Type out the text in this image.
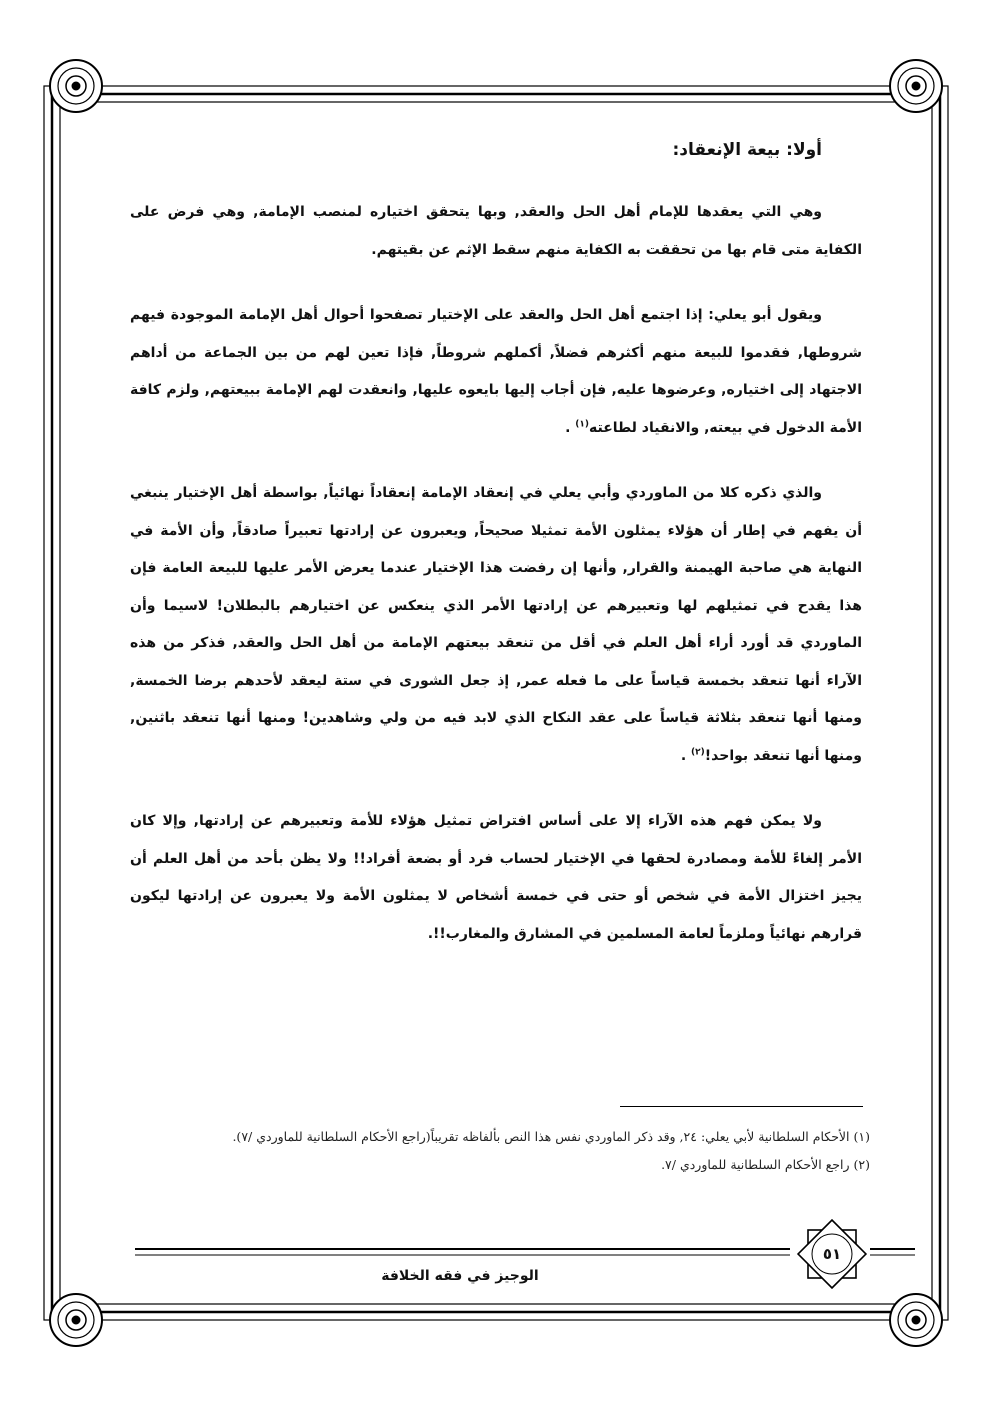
أولا: بيعة الإنعقاد:

وهي التي يعقدها للإمام أهل الحل والعقد, وبها يتحقق اختياره لمنصب الإمامة, وهي فرض على الكفاية متى قام بها من تحققت به الكفاية منهم سقط الإثم عن بقيتهم.

ويقول أبو يعلي: إذا اجتمع أهل الحل والعقد على الإختيار تصفحوا أحوال أهل الإمامة الموجودة فيهم شروطها, فقدموا للبيعة منهم أكثرهم فضلاً, أكملهم شروطاً, فإذا تعين لهم من بين الجماعة من أداهم الاجتهاد إلى اختياره, وعرضوها عليه, فإن أجاب إليها بايعوه عليها, وانعقدت لهم الإمامة ببيعتهم, ولزم كافة الأمة الدخول في بيعته, والانقياد لطاعته$^{(١)}$ .

والذي ذكره كلا من الماوردي وأبي يعلي في إنعقاد الإمامة إنعقاداً نهائياً, بواسطة أهل الإختيار ينبغي أن يفهم في إطار أن هؤلاء يمثلون الأمة تمثيلا صحيحاً, ويعبرون عن إرادتها تعبيراً صادقاً, وأن الأمة في النهاية هي صاحبة الهيمنة والقرار, وأنها إن رفضت هذا الإختيار عندما يعرض الأمر عليها للبيعة العامة فإن هذا يقدح في تمثيلهم لها وتعبيرهم عن إرادتها الأمر الذي ينعكس عن اختيارهم بالبطلان! لاسيما وأن الماوردي قد أورد أراء أهل العلم في أقل من تنعقد بيعتهم الإمامة من أهل الحل والعقد, فذكر من هذه الآراء أنها تنعقد بخمسة قياساً على ما فعله عمر, إذ جعل الشورى في ستة ليعقد لأحدهم برضا الخمسة, ومنها أنها تنعقد بثلاثة قياساً على عقد النكاح الذي لابد فيه من ولي وشاهدين! ومنها أنها تنعقد باثنين, ومنها أنها تنعقد بواحد!$^{(٢)}$ .

ولا يمكن فهم هذه الآراء إلا على أساس افتراض تمثيل هؤلاء للأمة وتعبيرهم عن إرادتها, وإلا كان الأمر إلغاءً للأمة ومصادرة لحقها في الإختيار لحساب فرد أو بضعة أفراد!! ولا يظن بأحد من أهل العلم أن يجيز اختزال الأمة في شخص أو حتى في خمسة أشخاص لا يمثلون الأمة ولا يعبرون عن إرادتها ليكون قرارهم نهائياً وملزماً لعامة المسلمين في المشارق والمغارب!!.

(١) الأحكام السلطانية لأبي يعلي: ٢٤, وقد ذكر الماوردي نفس هذا النص بألفاظه تقريباً(راجع الأحكام السلطانية للماوردي /٧).
(٢) راجع الأحكام السلطانية للماوردي /٧.
٥١
الوجيز في فقه الخلافة
